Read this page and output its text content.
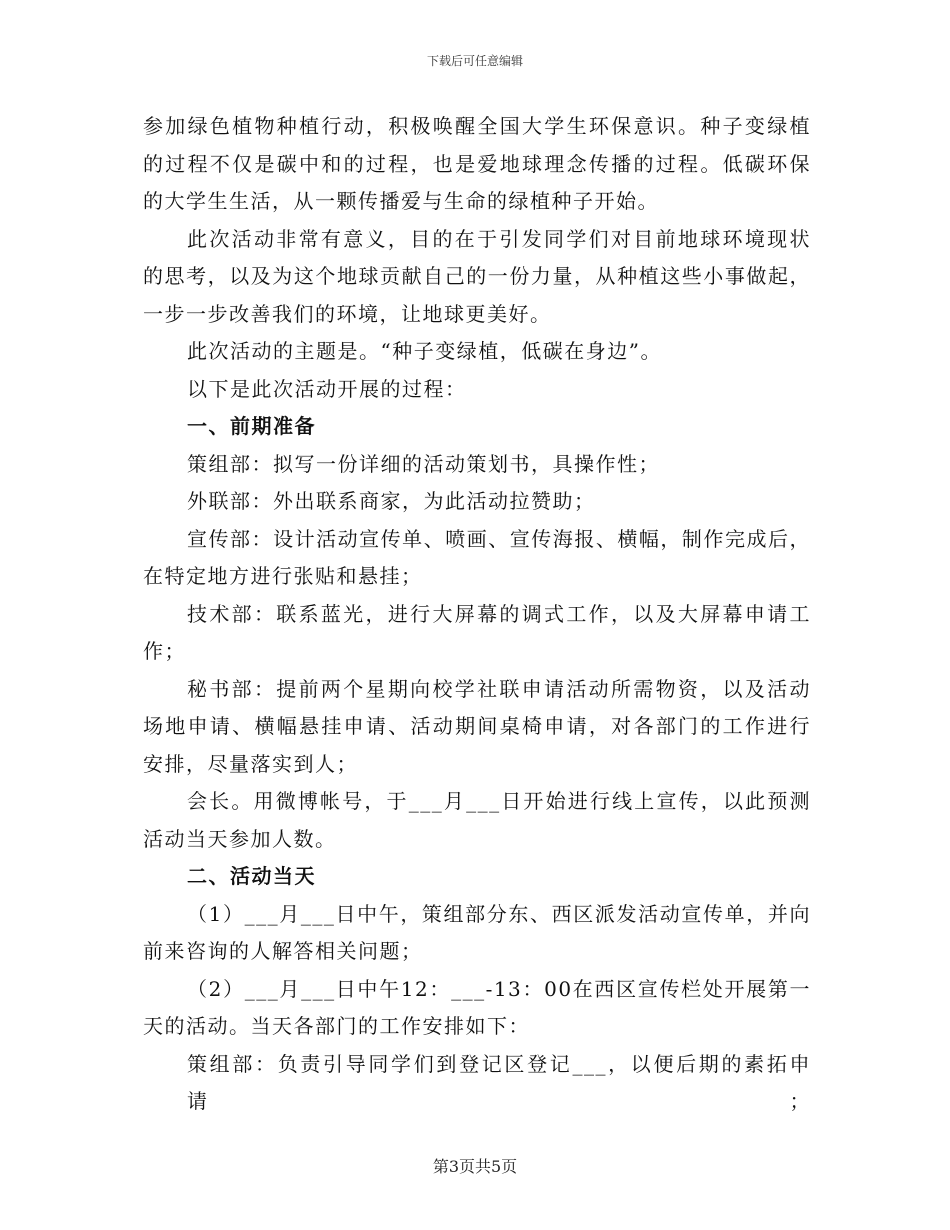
下载后可任意编辑
参加绿色植物种植行动，积极唤醒全国大学生环保意识。种子变绿植
的过程不仅是碳中和的过程，也是爱地球理念传播的过程。低碳环保
的大学生生活，从一颗传播爱与生命的绿植种子开始。
此次活动非常有意义，目的在于引发同学们对目前地球环境现状
的思考，以及为这个地球贡献自己的一份力量，从种植这些小事做起，
一步一步改善我们的环境，让地球更美好。
此次活动的主题是。“种子变绿植，低碳在身边”。
以下是此次活动开展的过程：
一、前期准备
策组部：拟写一份详细的活动策划书，具操作性；
外联部：外出联系商家，为此活动拉赞助；
宣传部：设计活动宣传单、喷画、宣传海报、横幅，制作完成后，
在特定地方进行张贴和悬挂；
技术部：联系蓝光，进行大屏幕的调式工作，以及大屏幕申请工
作；
秘书部：提前两个星期向校学社联申请活动所需物资，以及活动
场地申请、横幅悬挂申请、活动期间桌椅申请，对各部门的工作进行
安排，尽量落实到人；
会长。用微博帐号，于___月___日开始进行线上宣传，以此预测
活动当天参加人数。
二、活动当天
（1）___月___日中午，策组部分东、西区派发活动宣传单，并向
前来咨询的人解答相关问题；
（2）___月___日中午12：___-13：00在西区宣传栏处开展第一
天的活动。当天各部门的工作安排如下：
策组部：负责引导同学们到登记区登记___，以便后期的素拓申请；
第3页共5页
